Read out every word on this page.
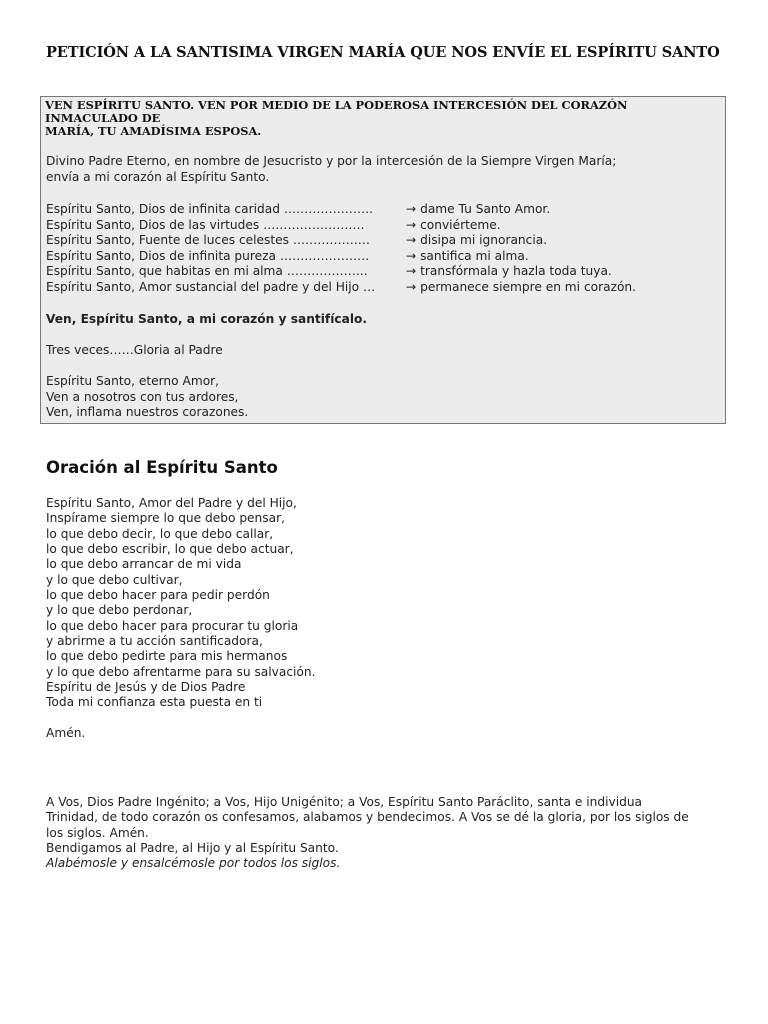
PETICIÓN A LA SANTISIMA VIRGEN MARÍA QUE NOS ENVÍE EL ESPÍRITU SANTO
VEN ESPÍRITU SANTO. VEN POR MEDIO DE LA PODEROSA INTERCESIÓN DEL CORAZÓN INMACULADO DE
MARÍA, TU AMADÍSIMA ESPOSA.
Divino Padre Eterno, en nombre de Jesucristo y por la intercesión de la Siempre Virgen María;
envía a mi corazón al Espíritu Santo.
Espíritu Santo, Dios de infinita caridad ………………….	→ dame Tu Santo Amor.
Espíritu Santo, Dios de las virtudes …………………….	→ conviérteme.
Espíritu Santo, Fuente de luces celestes ……………….	→ disipa mi ignorancia.
Espíritu Santo, Dios de infinita pureza ………………….	→ santifica mi alma.
Espíritu Santo, que habitas en mi alma ………………..	→ transfórmala y hazla toda tuya.
Espíritu Santo, Amor sustancial del padre y del Hijo …	→ permanece siempre en mi corazón.
Ven, Espíritu Santo, a mi corazón y santifícalo.
Tres veces……Gloria al Padre
Espíritu Santo, eterno Amor,
Ven a nosotros con tus ardores,
Ven, inflama nuestros corazones.
Oración al Espíritu Santo
Espíritu Santo, Amor del Padre y del Hijo,
Inspírame siempre lo que debo pensar,
lo que debo decir, lo que debo callar,
lo que debo escribir, lo que debo actuar,
lo que debo arrancar de mi vida
y lo que debo cultivar,
lo que debo hacer para pedir perdón
y lo que debo perdonar,
lo que debo hacer para procurar tu gloria
y abrirme a tu acción santificadora,
lo que debo pedirte para mis hermanos
y lo que debo afrentarme para su salvación.
Espíritu de Jesús y de Dios Padre
Toda mi confianza esta puesta en ti
Amén.
A Vos, Dios Padre Ingénito; a Vos, Hijo Unigénito; a Vos, Espíritu Santo Paráclito, santa e individua
Trinidad, de todo corazón os confesamos, alabamos y bendecimos. A Vos se dé la gloria, por los siglos de
los siglos. Amén.
Bendigamos al Padre, al Hijo y al Espíritu Santo.
Alabémosle y ensalcémosle por todos los siglos.
